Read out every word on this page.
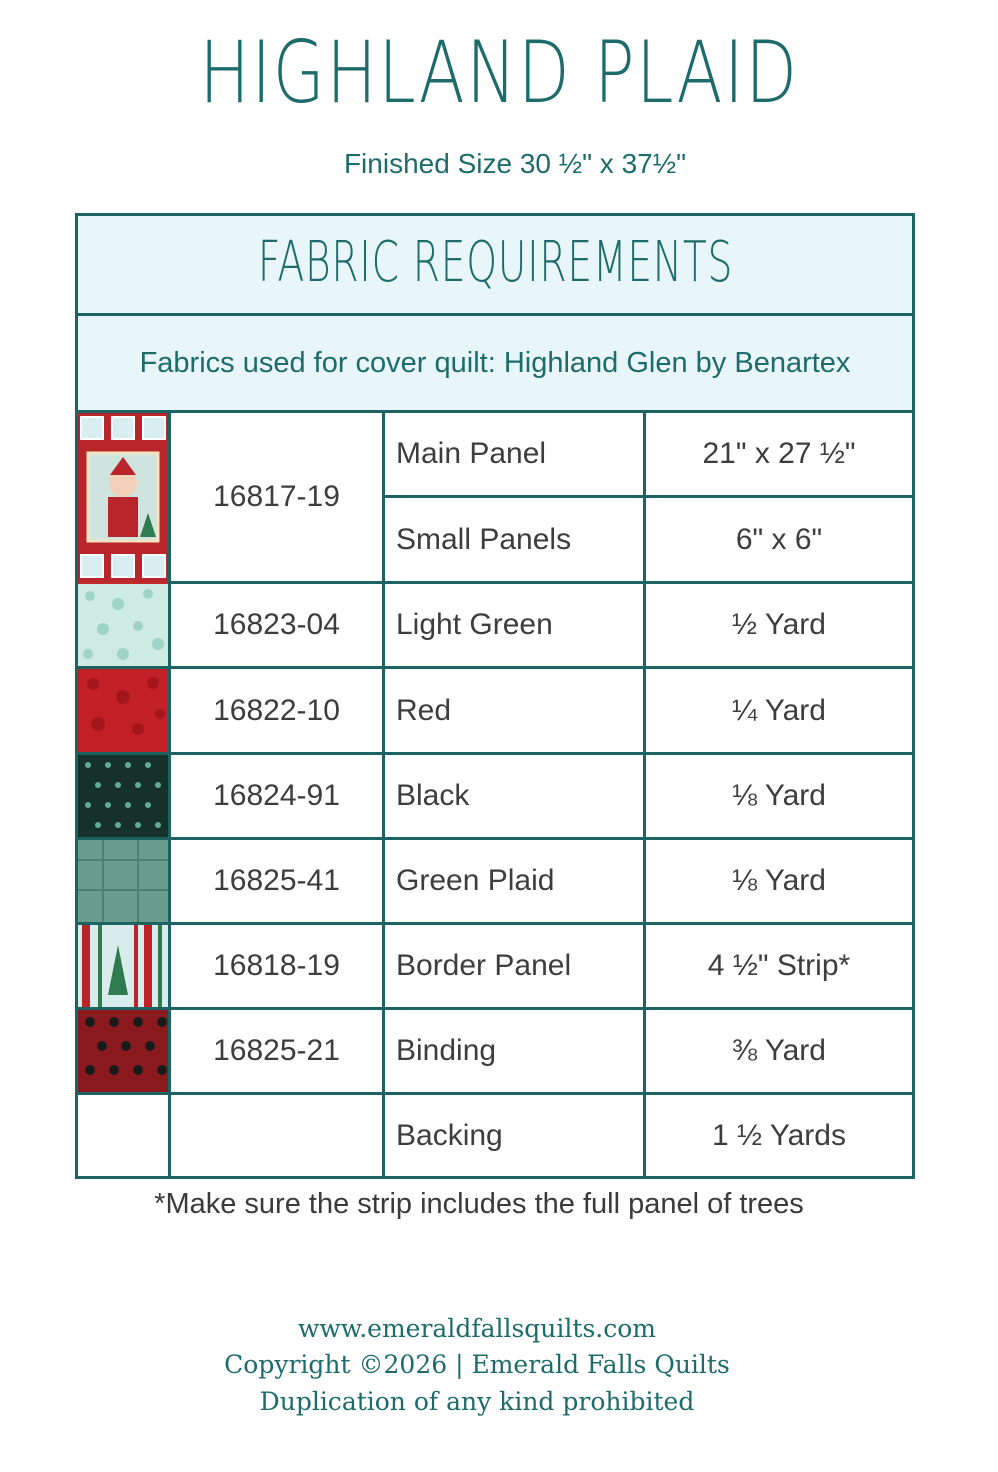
HIGHLAND PLAID
Finished Size 30 ½" x 37½"
FABRIC REQUIREMENTS
Fabrics used for cover quilt: Highland Glen by Benartex
16817-19
Main Panel	21" x 27 ½"
Small Panels	6" x 6"
16823-04	Light Green	½ Yard
16822-10	Red	¼ Yard
16824-91	Black	⅛ Yard
16825-41	Green Plaid	⅛ Yard
16818-19	Border Panel	4 ½" Strip*
16825-21	Binding	⅜ Yard
Backing	1 ½ Yards
*Make sure the strip includes the full panel of trees
www.emeraldfallsquilts.com
Copyright ©2026 | Emerald Falls Quilts
Duplication of any kind prohibited
